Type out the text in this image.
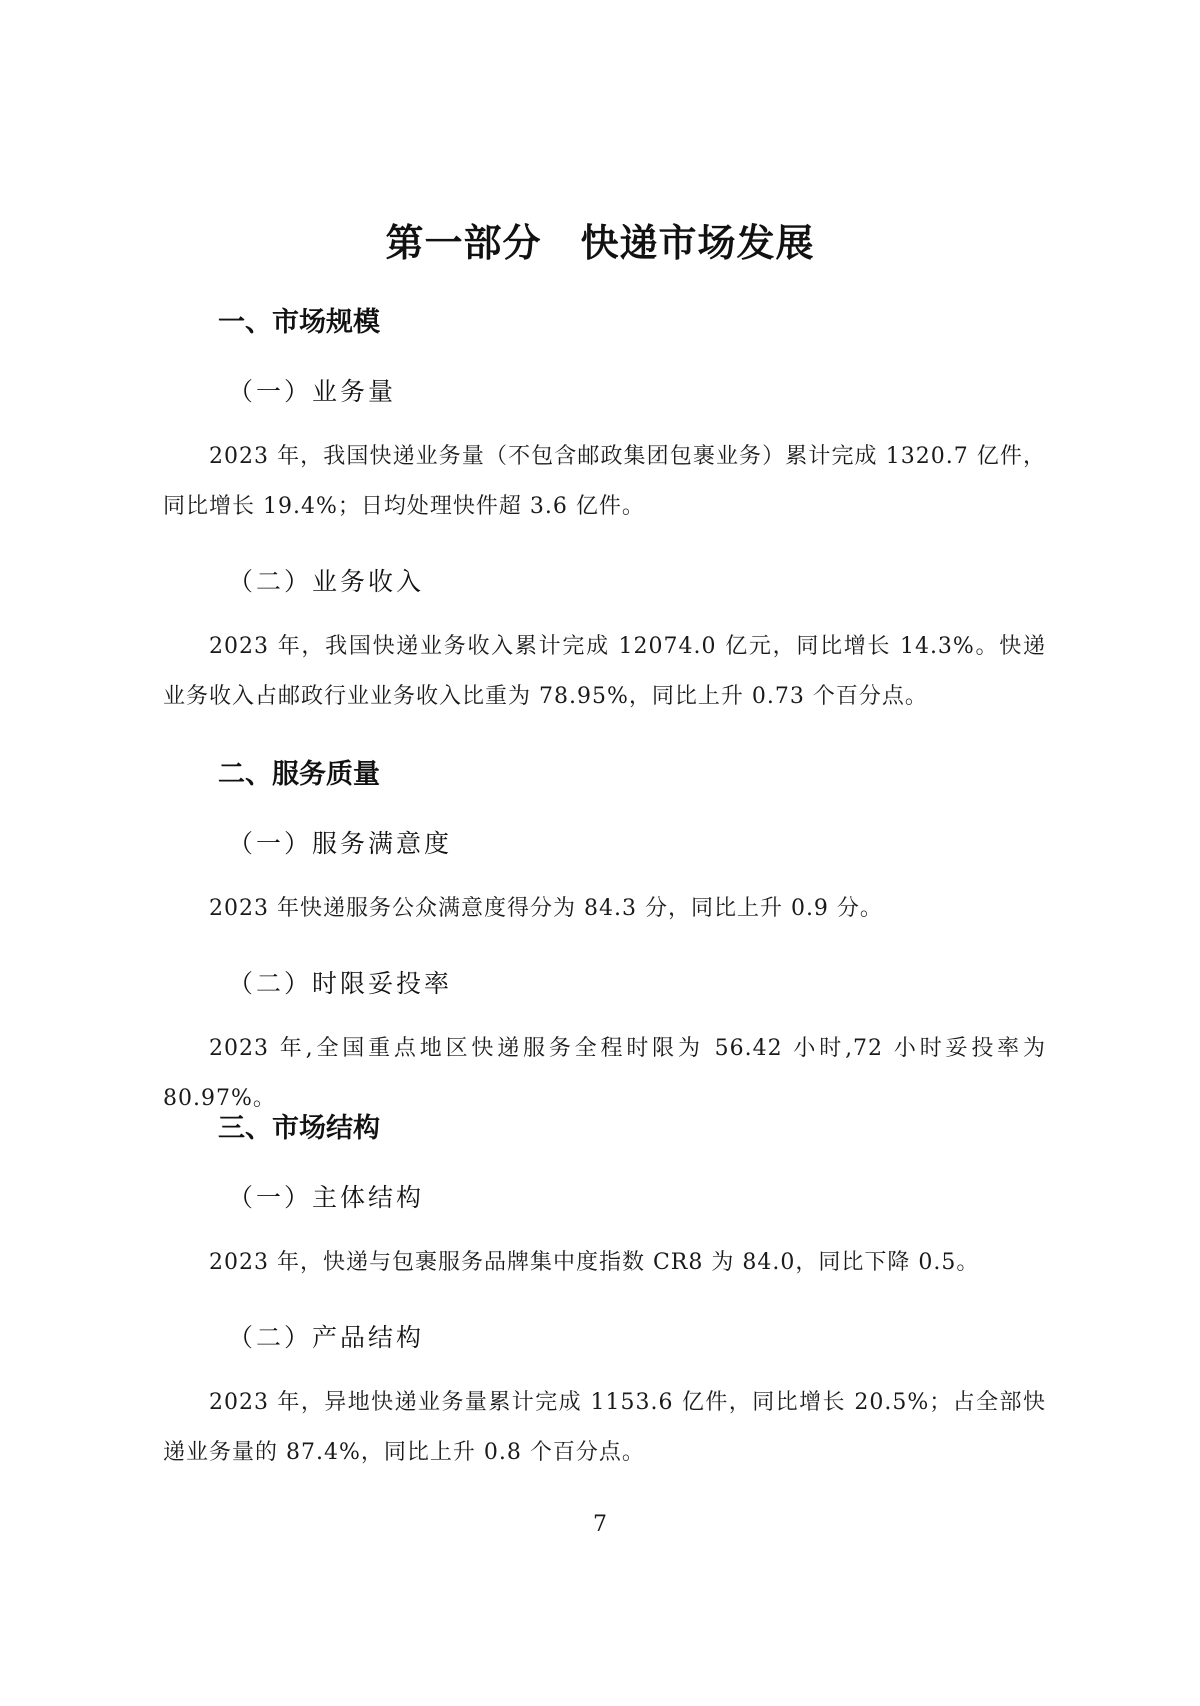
第一部分　快递市场发展
一、市场规模
（一）业务量
2023 年，我国快递业务量（不包含邮政集团包裹业务）累计完成 1320.7 亿件，同比增长 19.4%；日均处理快件超 3.6 亿件。
（二）业务收入
2023 年，我国快递业务收入累计完成 12074.0 亿元，同比增长 14.3%。快递业务收入占邮政行业业务收入比重为 78.95%，同比上升 0.73 个百分点。
二、服务质量
（一）服务满意度
2023 年快递服务公众满意度得分为 84.3 分，同比上升 0.9 分。
（二）时限妥投率
2023 年,全国重点地区快递服务全程时限为 56.42 小时,72 小时妥投率为 80.97%。
三、市场结构
（一）主体结构
2023 年，快递与包裹服务品牌集中度指数 CR8 为 84.0，同比下降 0.5。
（二）产品结构
2023 年，异地快递业务量累计完成 1153.6 亿件，同比增长 20.5%；占全部快递业务量的 87.4%，同比上升 0.8 个百分点。
7
